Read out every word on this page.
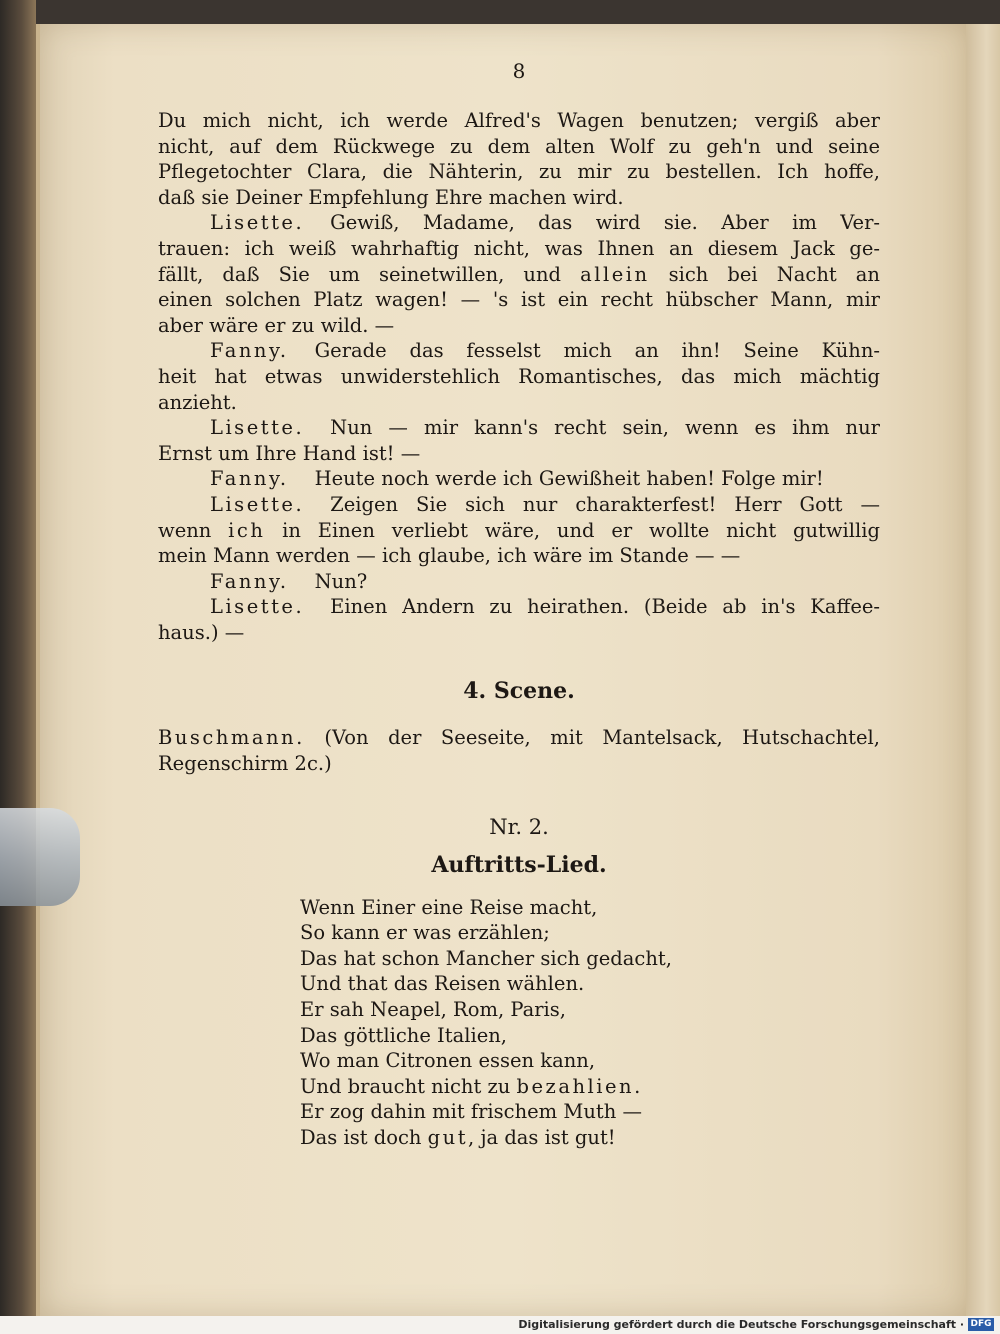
8
Du mich nicht, ich werde Alfred's Wagen benutzen; vergiß aber
nicht, auf dem Rückwege zu dem alten Wolf zu geh'n und seine
Pflegetochter Clara, die Nähterin, zu mir zu bestellen. Ich hoffe,
daß sie Deiner Empfehlung Ehre machen wird.
Lisette. Gewiß, Madame, das wird sie. Aber im Ver-
trauen: ich weiß wahrhaftig nicht, was Ihnen an diesem Jack ge-
fällt, daß Sie um seinetwillen, und allein sich bei Nacht an
einen solchen Platz wagen! — 's ist ein recht hübscher Mann, mir
aber wäre er zu wild. —
Fanny. Gerade das fesselst mich an ihn! Seine Kühn-
heit hat etwas unwiderstehlich Romantisches, das mich mächtig
anzieht.
Lisette. Nun — mir kann's recht sein, wenn es ihm nur
Ernst um Ihre Hand ist! —
Fanny. Heute noch werde ich Gewißheit haben! Folge mir!
Lisette. Zeigen Sie sich nur charakterfest! Herr Gott —
wenn ich in Einen verliebt wäre, und er wollte nicht gutwillig
mein Mann werden — ich glaube, ich wäre im Stande — —
Fanny. Nun?
Lisette. Einen Andern zu heirathen. (Beide ab in's Kaffee-
haus.) —
4. Scene.
Buschmann. (Von der Seeseite, mit Mantelsack, Hutschachtel,
Regenschirm 2c.)
Nr. 2.
Auftritts-Lied.
Wenn Einer eine Reise macht,
So kann er was erzählen;
Das hat schon Mancher sich gedacht,
Und that das Reisen wählen.
Er sah Neapel, Rom, Paris,
Das göttliche Italien,
Wo man Citronen essen kann,
Und braucht nicht zu bezahlien.
Er zog dahin mit frischem Muth —
Das ist doch gut, ja das ist gut!
Digitalisierung gefördert durch die Deutsche Forschungsgemeinschaft · DFG
